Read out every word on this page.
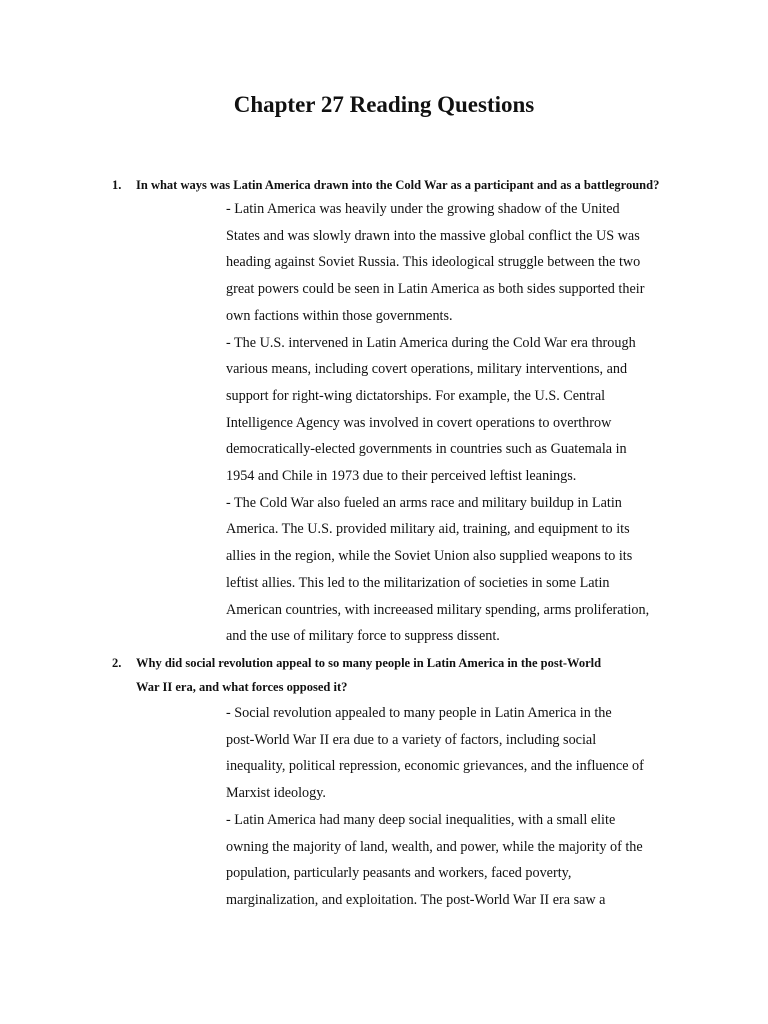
Chapter 27 Reading Questions
1. In what ways was Latin America drawn into the Cold War as a participant and as a battleground?

- Latin America was heavily under the growing shadow of the United

States and was slowly drawn into the massive global conflict the US was

heading against Soviet Russia. This ideological struggle between the two

great powers could be seen in Latin America as both sides supported their

own factions within those governments.

- The U.S. intervened in Latin America during the Cold War era through

various means, including covert operations, military interventions, and

support for right-wing dictatorships. For example, the U.S. Central

Intelligence Agency was involved in covert operations to overthrow

democratically-elected governments in countries such as Guatemala in

1954 and Chile in 1973 due to their perceived leftist leanings.

- The Cold War also fueled an arms race and military buildup in Latin

America. The U.S. provided military aid, training, and equipment to its

allies in the region, while the Soviet Union also supplied weapons to its

leftist allies. This led to the militarization of societies in some Latin

American countries, with increeased military spending, arms proliferation,

and the use of military force to suppress dissent.

2. Why did social revolution appeal to so many people in Latin America in the post-World
War II era, and what forces opposed it?

- Social revolution appealed to many people in Latin America in the

post-World War II era due to a variety of factors, including social

inequality, political repression, economic grievances, and the influence of

Marxist ideology.

- Latin America had many deep social inequalities, with a small elite

owning the majority of land, wealth, and power, while the majority of the

population, particularly peasants and workers, faced poverty,

marginalization, and exploitation. The post-World War II era saw a
